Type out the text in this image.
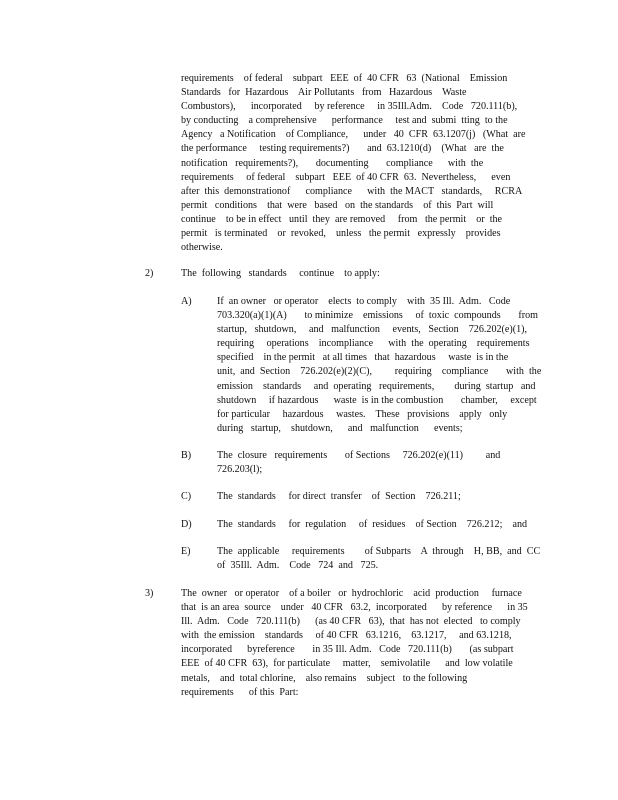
requirements    of federal    subpart   EEE  of  40 CFR   63  (National    Emission
Standards   for  Hazardous    Air Pollutants   from   Hazardous    Waste
Combustors),      incorporated     by reference     in 35Ill.Adm.    Code   720.111(b),
by conducting    a comprehensive      performance     test and  submi  tting  to the
Agency   a Notification    of Compliance,      under   40  CFR  63.1207(j)   (What  are
the performance     testing requirements?)       and  63.1210(d)    (What   are  the
notification   requirements?),       documenting       compliance      with  the
requirements     of federal    subpart   EEE  of 40 CFR  63.  Nevertheless,      even
after  this  demonstrationof      compliance      with  the MACT   standards,     RCRA
permit   conditions    that  were   based   on  the standards    of  this  Part  will
continue    to be in effect   until  they  are removed     from   the permit    or  the
permit   is terminated    or  revoked,    unless   the permit   expressly    provides
otherwise.
2)	The  following   standards     continue    to apply:
A)	If  an owner   or operator    elects  to comply    with  35 Ill.  Adm.   Code
703.320(a)(1)(A)       to minimize    emissions     of  toxic  compounds       from
startup,   shutdown,     and   malfunction     events,   Section    726.202(e)(1),
requiring     operations    incompliance      with  the  operating    requirements
specified    in the permit   at all times   that  hazardous     waste  is in the
unit,  and  Section    726.202(e)(2)(C),         requiring    compliance       with  the
emission    standards     and  operating   requirements,        during  startup   and
shutdown     if hazardous      waste  is in the combustion       chamber,     except
for particular     hazardous     wastes.    These   provisions    apply   only
during   startup,    shutdown,      and   malfunction      events;
B)	The  closure   requirements       of Sections     726.202(e)(11)         and
726.203(l);
C)	The  standards     for direct  transfer    of  Section    726.211;
D)	The  standards     for  regulation     of  residues    of Section    726.212;    and
E)	The  applicable     requirements        of Subparts    A  through    H, BB,  and  CC
of  35Ill.  Adm.    Code   724  and   725.
3)	The  owner   or operator    of a boiler   or  hydrochloric    acid  production     furnace
that  is an area  source    under   40 CFR   63.2,  incorporated      by reference      in 35
Ill.  Adm.   Code   720.111(b)      (as 40 CFR   63),  that  has not  elected   to comply
with  the emission    standards     of 40 CFR   63.1216,    63.1217,     and 63.1218,
incorporated      byreference       in 35 Ill. Adm.   Code   720.111(b)       (as subpart
EEE  of 40 CFR  63),  for particulate     matter,    semivolatile      and  low volatile
metals,    and  total chlorine,    also remains    subject   to the following
requirements      of this  Part:
